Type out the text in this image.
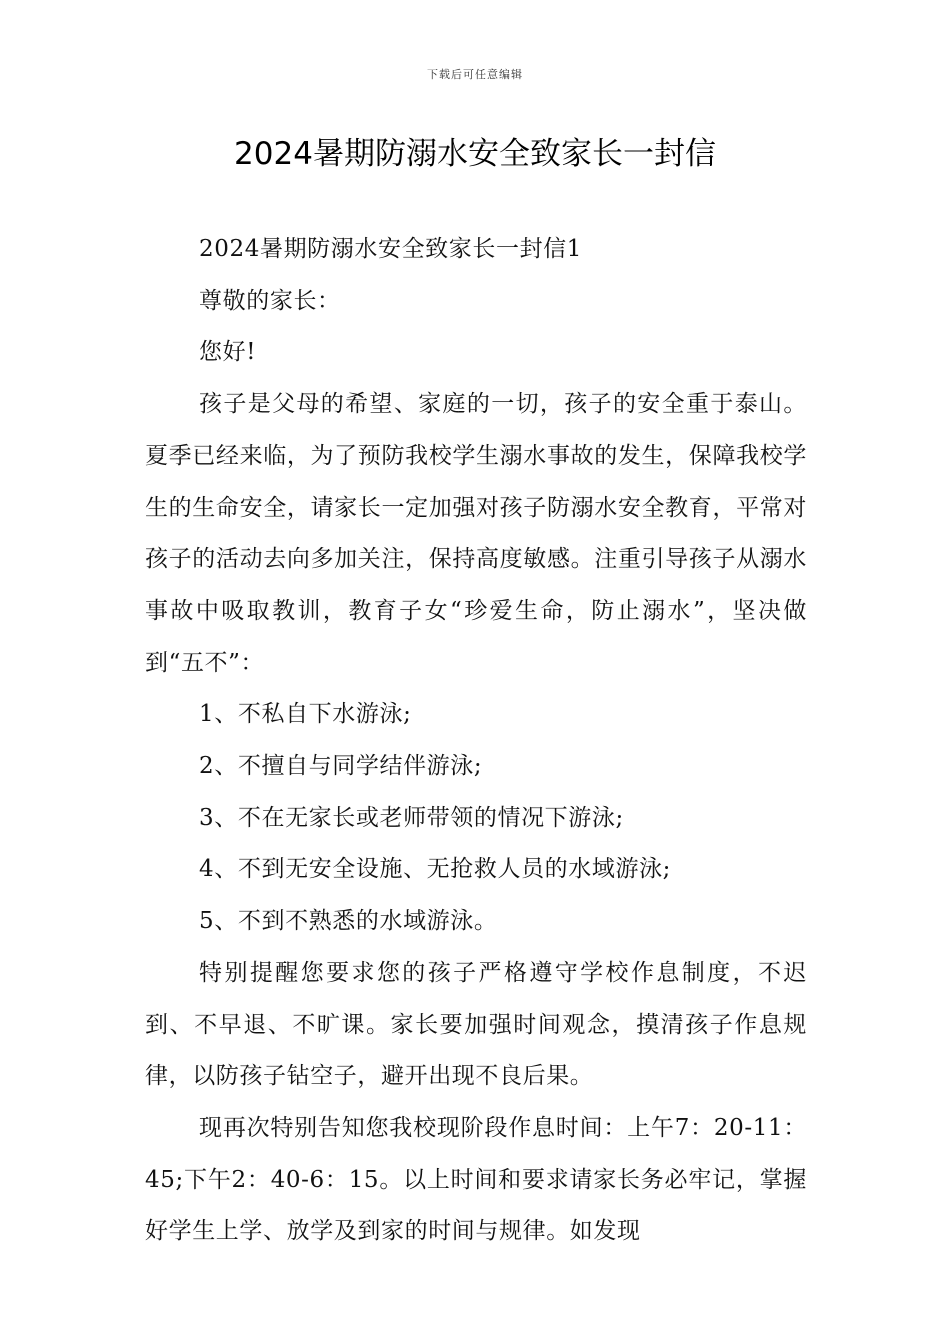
下载后可任意编辑
2024暑期防溺水安全致家长一封信

2024暑期防溺水安全致家长一封信1

尊敬的家长：

您好!

孩子是父母的希望、家庭的一切，孩子的安全重于泰山。夏季已经来临，为了预防我校学生溺水事故的发生，保障我校学生的生命安全，请家长一定加强对孩子防溺水安全教育，平常对孩子的活动去向多加关注，保持高度敏感。注重引导孩子从溺水事故中吸取教训，教育子女“珍爱生命，防止溺水”，坚决做到“五不”：

1、不私自下水游泳;

2、不擅自与同学结伴游泳;

3、不在无家长或老师带领的情况下游泳;

4、不到无安全设施、无抢救人员的水域游泳;

5、不到不熟悉的水域游泳。

特别提醒您要求您的孩子严格遵守学校作息制度，不迟到、不早退、不旷课。家长要加强时间观念，摸清孩子作息规律，以防孩子钻空子，避开出现不良后果。

现再次特别告知您我校现阶段作息时间：上午7：20-11：45;下午2：40-6：15。以上时间和要求请家长务必牢记，掌握好学生上学、放学及到家的时间与规律。如发现
